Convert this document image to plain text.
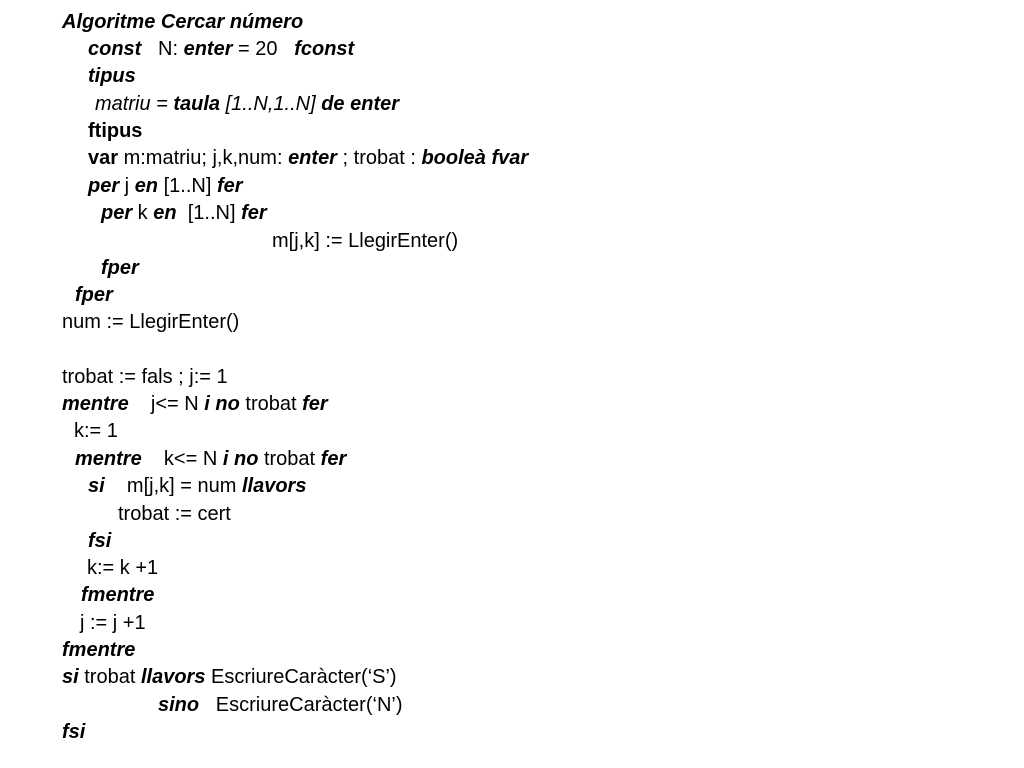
Algoritme Cercar número
const   N: enter = 20   fconst
tipus
matriu = taula [1..N,1..N] de enter
ftipus
var m:matriu; j,k,num: enter ; trobat : booleà fvar
per j en [1..N] fer
per k en  [1..N] fer
m[j,k] := LlegirEnter()
fper
fper
num := LlegirEnter()
trobat := fals ; j:= 1
mentre    j<= N i no trobat fer
k:= 1
mentre    k<= N i no trobat fer
si    m[j,k] = num llavors
trobat := cert
fsi
k:= k +1
fmentre
j := j +1
fmentre
si trobat llavors EscriureCaràcter(‘S’)
sino   EscriureCaràcter(‘N’)
fsi
